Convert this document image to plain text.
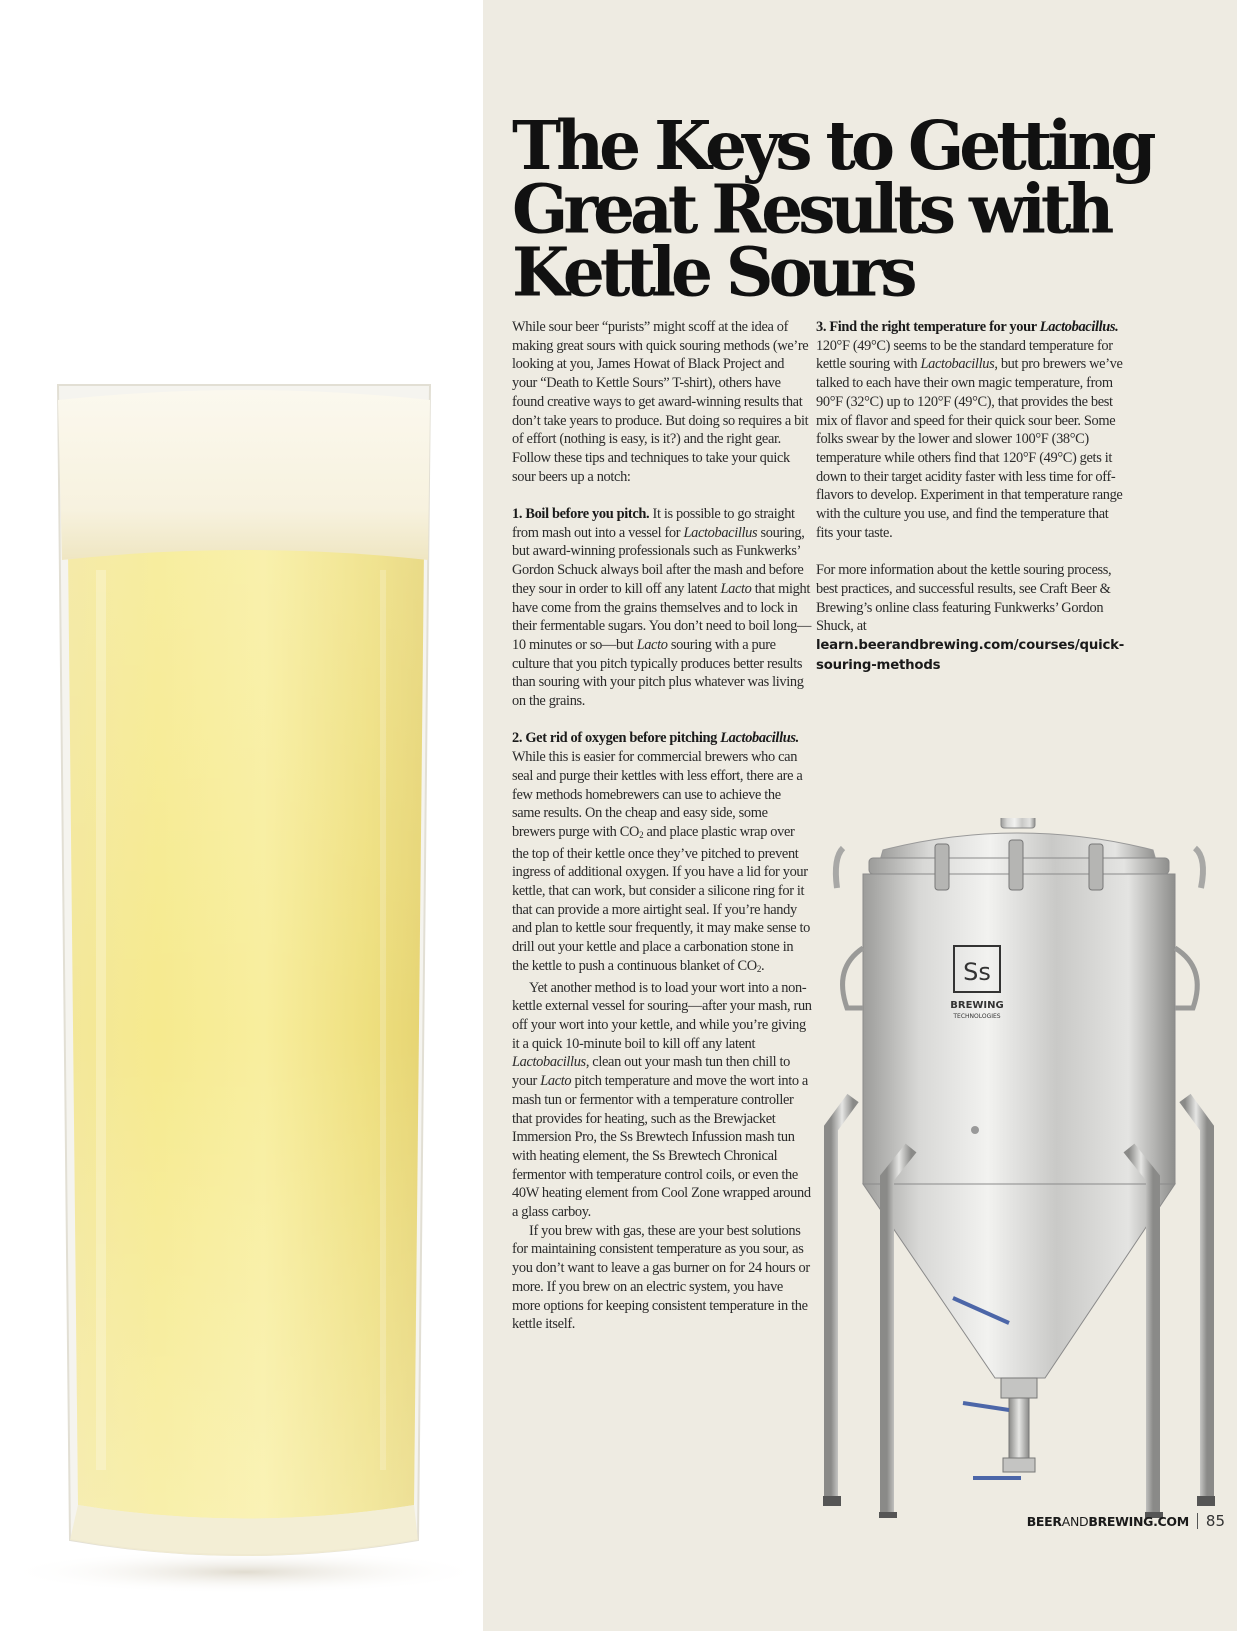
The Keys to Getting
Great Results with
Kettle Sours

While sour beer “purists” might scoff at the idea of making great sours with quick souring methods (we’re looking at you, James Howat of Black Project and your “Death to Kettle Sours” T-shirt), others have found creative ways to get award-winning results that don’t take years to produce. But doing so requires a bit of effort (nothing is easy, is it?) and the right gear. Follow these tips and techniques to take your quick sour beers up a notch:

1. Boil before you pitch. It is possible to go straight from mash out into a vessel for Lactobacillus souring, but award-winning professionals such as Funkwerks’ Gordon Schuck always boil after the mash and before they sour in order to kill off any latent Lacto that might have come from the grains themselves and to lock in their fermentable sugars. You don’t need to boil long—10 minutes or so—but Lacto souring with a pure culture that you pitch typically produces better results than souring with your pitch plus whatever was living on the grains.

2. Get rid of oxygen before pitching Lactobacillus. While this is easier for commercial brewers who can seal and purge their kettles with less effort, there are a few methods homebrewers can use to achieve the same results. On the cheap and easy side, some brewers purge with $CO_2$ and place plastic wrap over the top of their kettle once they’ve pitched to prevent ingress of additional oxygen. If you have a lid for your kettle, that can work, but consider a silicone ring for it that can provide a more airtight seal. If you’re handy and plan to kettle sour frequently, it may make sense to drill out your kettle and place a carbonation stone in the kettle to push a continuous blanket of $CO_2$.

Yet another method is to load your wort into a non-kettle external vessel for souring—after your mash, run off your wort into your kettle, and while you’re giving it a quick 10-minute boil to kill off any latent Lactobacillus, clean out your mash tun then chill to your Lacto pitch temperature and move the wort into a mash tun or fermentor with a temperature controller that provides for heating, such as the Brewjacket Immersion Pro, the Ss Brewtech Infussion mash tun with heating element, the Ss Brewtech Chronical fermentor with temperature control coils, or even the 40W heating element from Cool Zone wrapped around a glass carboy.

If you brew with gas, these are your best solutions for maintaining consistent temperature as you sour, as you don’t want to leave a gas burner on for 24 hours or more. If you brew on an electric system, you have more options for keeping consistent temperature in the kettle itself.

3. Find the right temperature for your Lactobacillus. 120°F (49°C) seems to be the standard temperature for kettle souring with Lactobacillus, but pro brewers we’ve talked to each have their own magic temperature, from 90°F (32°C) up to 120°F (49°C), that provides the best mix of flavor and speed for their quick sour beer. Some folks swear by the lower and slower 100°F (38°C) temperature while others find that 120°F (49°C) gets it down to their target acidity faster with less time for off-flavors to develop. Experiment in that temperature range with the culture you use, and find the temperature that fits your taste.

For more information about the kettle souring process, best practices, and successful results, see Craft Beer & Brewing’s online class featuring Funkwerks’ Gordon Shuck, at learn.beerandbrewing.com/courses/quick-souring-methods

Ss
BREWING
TECHNOLOGIES
BEERANDBREWING.COM 85
